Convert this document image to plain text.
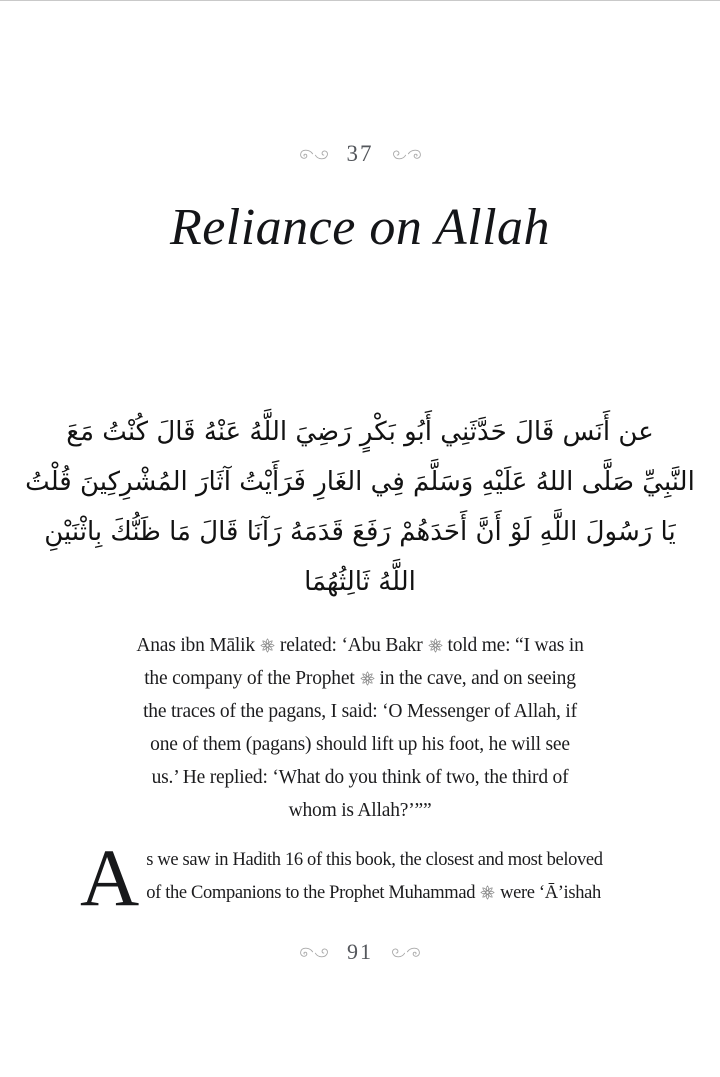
37
Reliance on Allah
عن أَنَس قَالَ حَدَّثَنِي أَبُو بَكْرٍ رَضِيَ اللَّهُ عَنْهُ قَالَ كُنْتُ مَعَ
النَّبِيِّ صَلَّى اللهُ عَلَيْهِ وَسَلَّمَ فِي الغَارِ فَرَأَيْتُ آثَارَ المُشْرِكِينَ قُلْتُ
يَا رَسُولَ اللَّهِ لَوْ أَنَّ أَحَدَهُمْ رَفَعَ قَدَمَهُ رَآنَا قَالَ مَا ظَنُّكَ بِاثْنَيْنِ
اللَّهُ ثَالِثُهُمَا
Anas ibn Mālik related: ‘Abu Bakr told me: “I was in
the company of the Prophet in the cave, and on seeing
the traces of the pagans, I said: ‘O Messenger of Allah, if
one of them (pagans) should lift up his foot, he will see
us.’ He replied: ‘What do you think of two, the third of
whom is Allah?’””
A s we saw in Hadith 16 of this book, the closest and most beloved
of the Companions to the Prophet Muhammad were ‘Ā’ishah
91
